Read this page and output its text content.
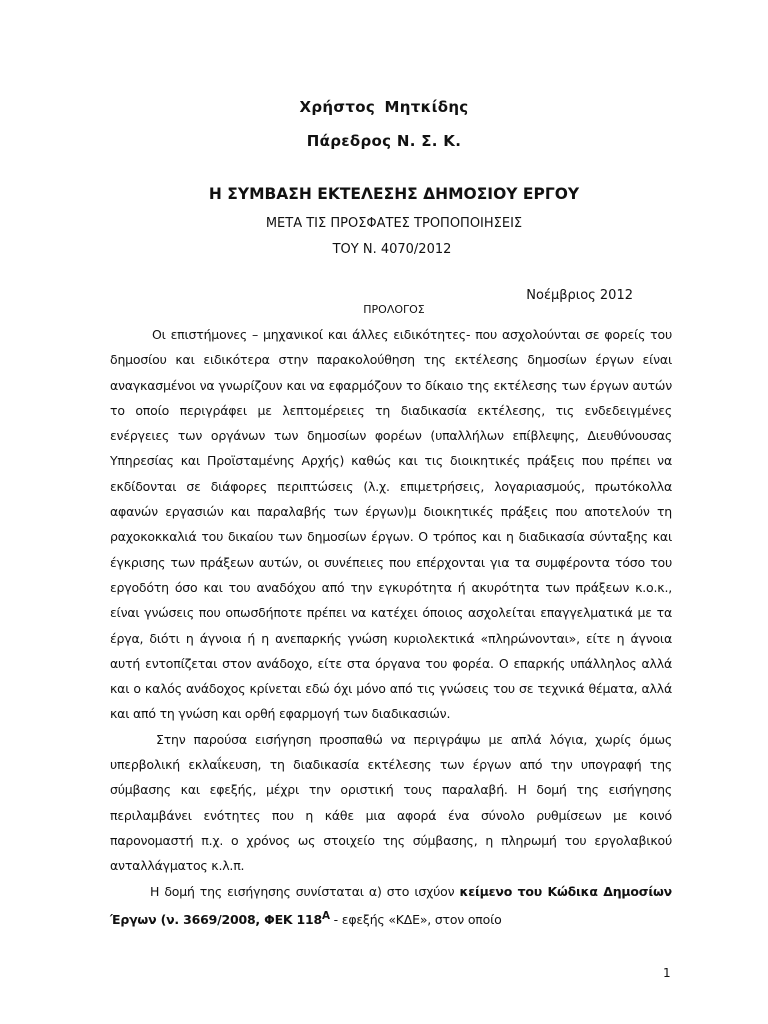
Χρήστος Μητκίδης
Πάρεδρος Ν. Σ. Κ.
Η ΣΥΜΒΑΣΗ ΕΚΤΕΛΕΣΗΣ ΔΗΜΟΣΙΟΥ ΕΡΓΟΥ
ΜΕΤΑ ΤΙΣ ΠΡΟΣΦΑΤΕΣ ΤΡΟΠΟΠΟΙΗΣΕΙΣ
ΤΟΥ Ν. 4070/2012
Νοέμβριος 2012
ΠΡΟΛΟΓΟΣ

Οι επιστήμονες – μηχανικοί και άλλες ειδικότητες- που ασχολούνται σε φορείς του δημοσίου και ειδικότερα στην παρακολούθηση της εκτέλεσης δημοσίων έργων είναι αναγκασμένοι να γνωρίζουν και να εφαρμόζουν το δίκαιο της εκτέλεσης των έργων αυτών το οποίο περιγράφει με λεπτομέρειες τη διαδικασία εκτέλεσης, τις ενδεδειγμένες ενέργειες των οργάνων των δημοσίων φορέων (υπαλλήλων επίβλεψης, Διευθύνουσας Υπηρεσίας και Προϊσταμένης Αρχής) καθώς και τις διοικητικές πράξεις που πρέπει να εκδίδονται σε διάφορες περιπτώσεις (λ.χ. επιμετρήσεις, λογαριασμούς, πρωτόκολλα αφανών εργασιών και παραλαβής των έργων)μ διοικητικές πράξεις που αποτελούν τη ραχοκοκκαλιά του δικαίου των δημοσίων έργων. Ο τρόπος και η διαδικασία σύνταξης και έγκρισης των πράξεων αυτών, οι συνέπειες που επέρχονται για τα συμφέροντα τόσο του εργοδότη όσο και του αναδόχου από την εγκυρότητα ή ακυρότητα των πράξεων κ.ο.κ., είναι γνώσεις που οπωσδήποτε πρέπει να κατέχει όποιος ασχολείται επαγγελματικά με τα έργα, διότι η άγνοια ή η ανεπαρκής γνώση κυριολεκτικά «πληρώνονται», είτε η άγνοια αυτή εντοπίζεται στον ανάδοχο, είτε στα όργανα του φορέα. Ο επαρκής υπάλληλος αλλά και ο καλός ανάδοχος κρίνεται εδώ όχι μόνο από τις γνώσεις του σε τεχνικά θέματα, αλλά και από τη γνώση και ορθή εφαρμογή των διαδικασιών.

Στην παρούσα εισήγηση προσπαθώ να περιγράψω με απλά λόγια, χωρίς όμως υπερβολική εκλαΐκευση, τη διαδικασία εκτέλεσης των έργων από την υπογραφή της σύμβασης και εφεξής, μέχρι την οριστική τους παραλαβή. Η δομή της εισήγησης περιλαμβάνει ενότητες που η κάθε μια αφορά ένα σύνολο ρυθμίσεων με κοινό παρονομαστή π.χ. ο χρόνος ως στοιχείο της σύμβασης, η πληρωμή του εργολαβικού ανταλλάγματος κ.λ.π.

Η δομή της εισήγησης συνίσταται α) στο ισχύον κείμενο του Κώδικα Δημοσίων Έργων (ν. 3669/2008, ΦΕΚ $118^A$ - εφεξής «ΚΔΕ», στον οποίο

1
